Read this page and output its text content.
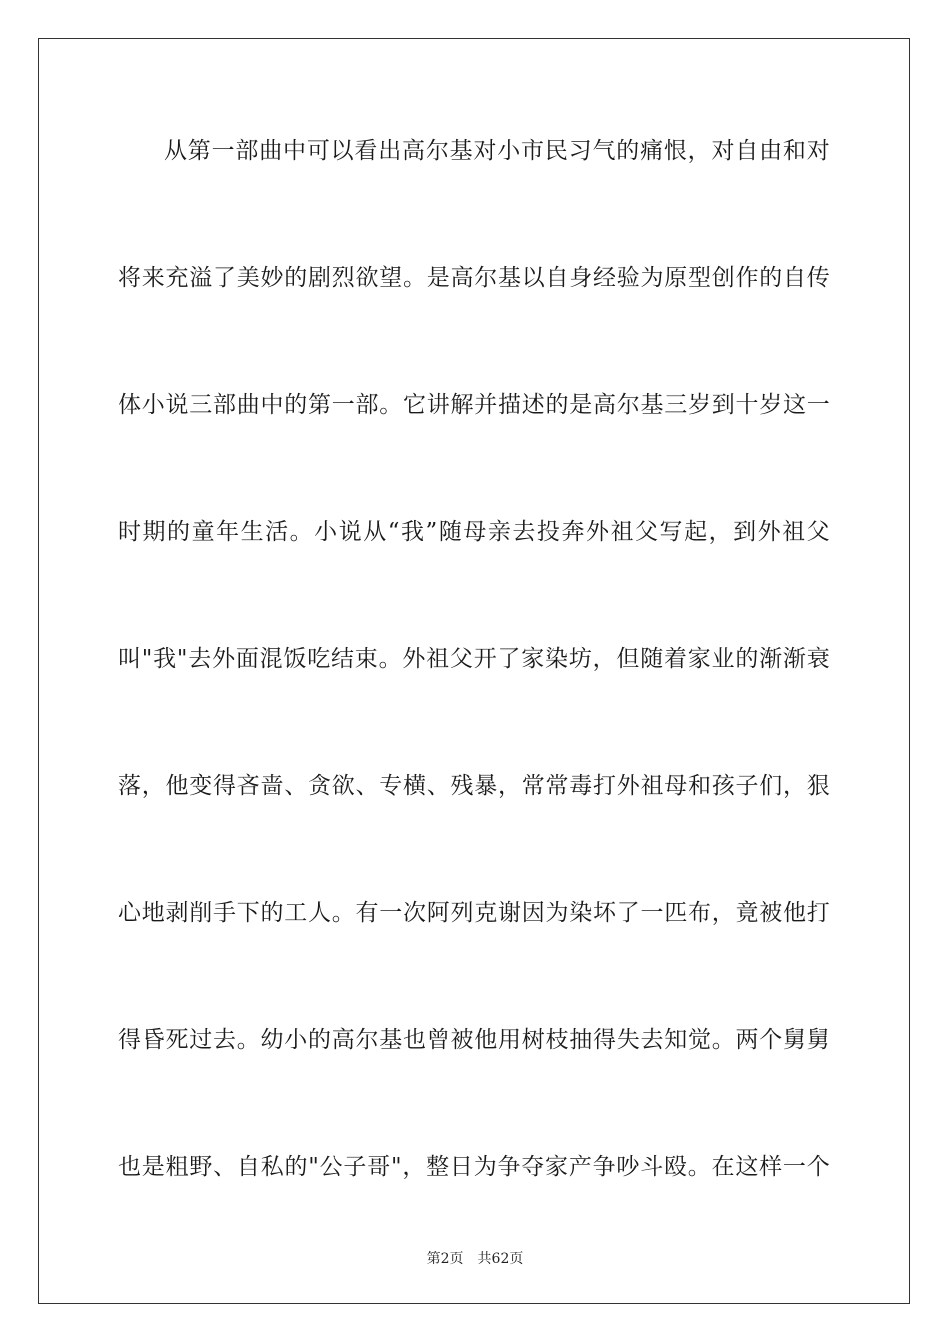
从第一部曲中可以看出高尔基对小市民习气的痛恨，对自由和对
将来充溢了美妙的剧烈欲望。是高尔基以自身经验为原型创作的自传
体小说三部曲中的第一部。它讲解并描述的是高尔基三岁到十岁这一
时期的童年生活。小说从“我”随母亲去投奔外祖父写起，到外祖父
叫"我"去外面混饭吃结束。外祖父开了家染坊，但随着家业的渐渐衰
落，他变得吝啬、贪欲、专横、残暴，常常毒打外祖母和孩子们，狠
心地剥削手下的工人。有一次阿列克谢因为染坏了一匹布，竟被他打
得昏死过去。幼小的高尔基也曾被他用树枝抽得失去知觉。两个舅舅
也是粗野、自私的"公子哥"，整日为争夺家产争吵斗殴。在这样一个
第2页 共62页
